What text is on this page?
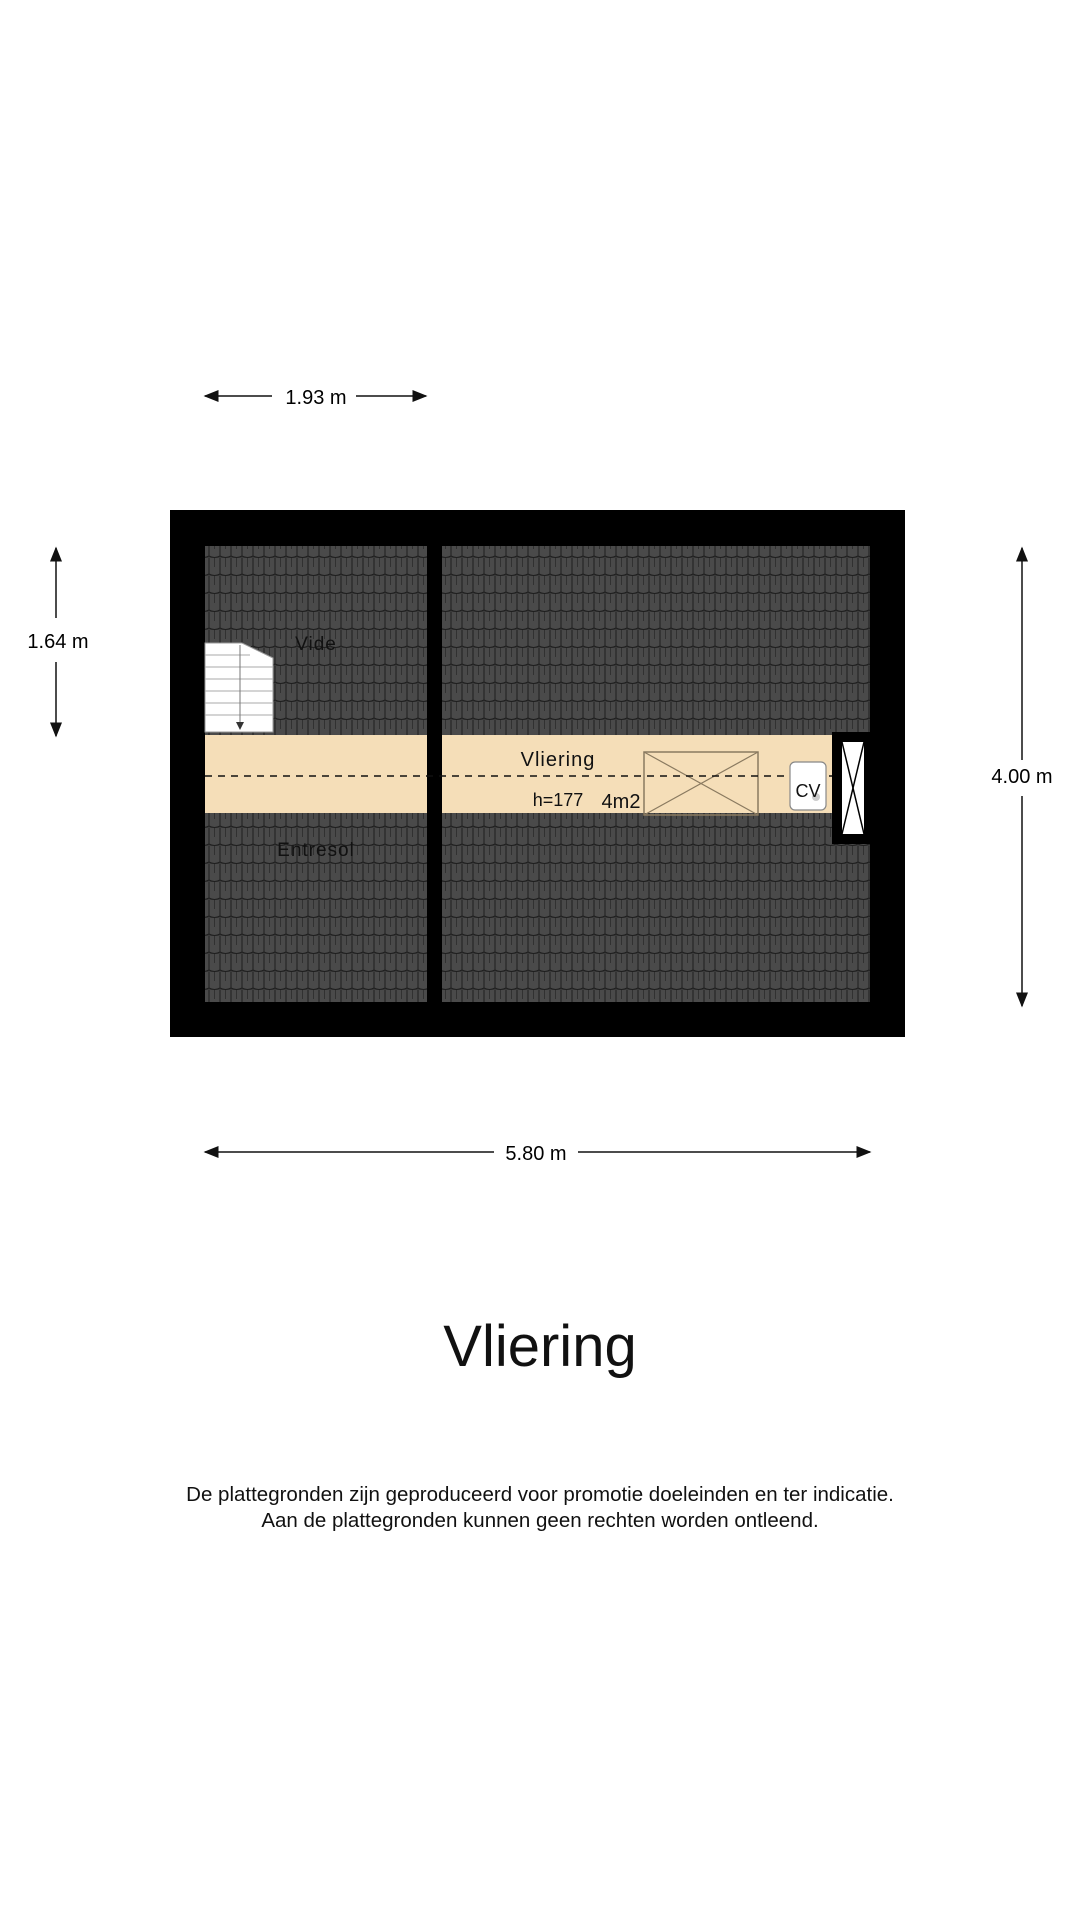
1.93 m
1.64 m
4.00 m
5.80 m
Vide
Entresol
Vliering
h=177 4m2	CV
Vliering

De plattegronden zijn geproduceerd voor promotie doeleinden en ter indicatie.
Aan de plattegronden kunnen geen rechten worden ontleend.
